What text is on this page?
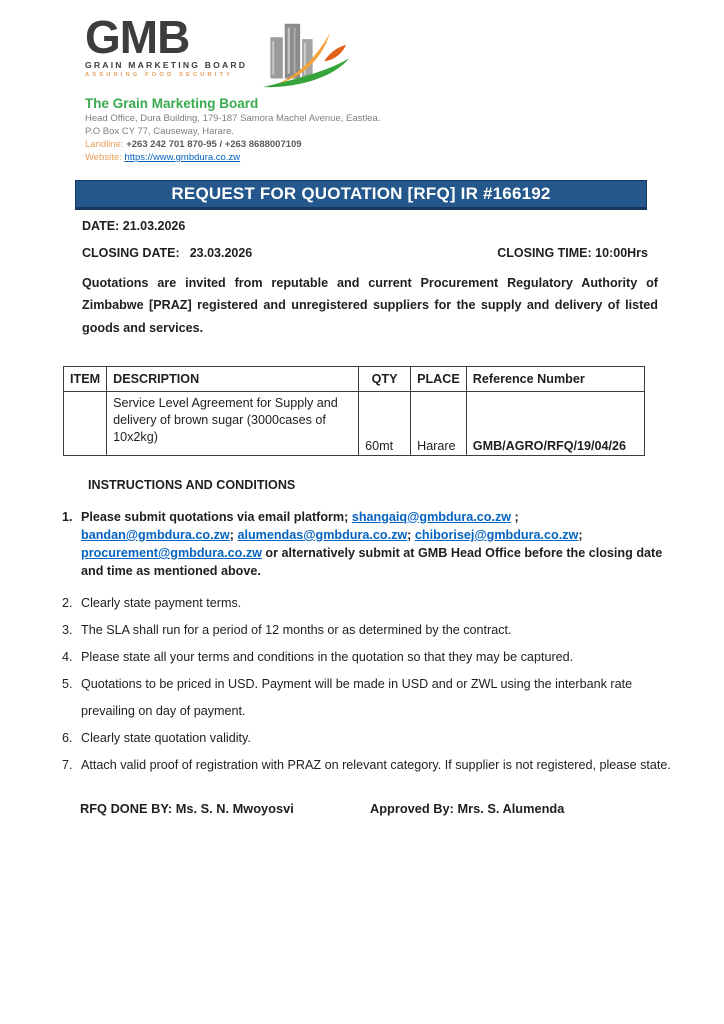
GMB
GRAIN MARKETING BOARD
ASSURING FOOD SECURITY
The Grain Marketing Board
Head Office, Dura Building, 179-187 Samora Machel Avenue, Eastlea.
P.O Box CY 77, Causeway, Harare.
Landline: +263 242 701 870-95 / +263 8688007109
Website: https://www.gmbdura.co.zw
REQUEST FOR QUOTATION [RFQ] IR #166192
DATE: 21.03.2026
CLOSING DATE: 23.03.2026	CLOSING TIME: 10:00Hrs
Quotations are invited from reputable and current Procurement Regulatory Authority of Zimbabwe [PRAZ] registered and unregistered suppliers for the supply and delivery of listed goods and services.
ITEM	DESCRIPTION	QTY	PLACE	Reference Number
	Service Level Agreement for Supply and delivery of brown sugar (3000cases of 10x2kg)	60mt	Harare	GMB/AGRO/RFQ/19/04/26
INSTRUCTIONS AND CONDITIONS
1. Please submit quotations via email platform; shangaiq@gmbdura.co.zw ; bandan@gmbdura.co.zw; alumendas@gmbdura.co.zw; chiborisej@gmbdura.co.zw; procurement@gmbdura.co.zw or alternatively submit at GMB Head Office before the closing date and time as mentioned above.
2. Clearly state payment terms.
3. The SLA shall run for a period of 12 months or as determined by the contract.
4. Please state all your terms and conditions in the quotation so that they may be captured.
5. Quotations to be priced in USD. Payment will be made in USD and or ZWL using the interbank rate prevailing on day of payment.
6. Clearly state quotation validity.
7. Attach valid proof of registration with PRAZ on relevant category. If supplier is not registered, please state.
RFQ DONE BY: Ms. S. N. Mwoyosvi	Approved By: Mrs. S. Alumenda
